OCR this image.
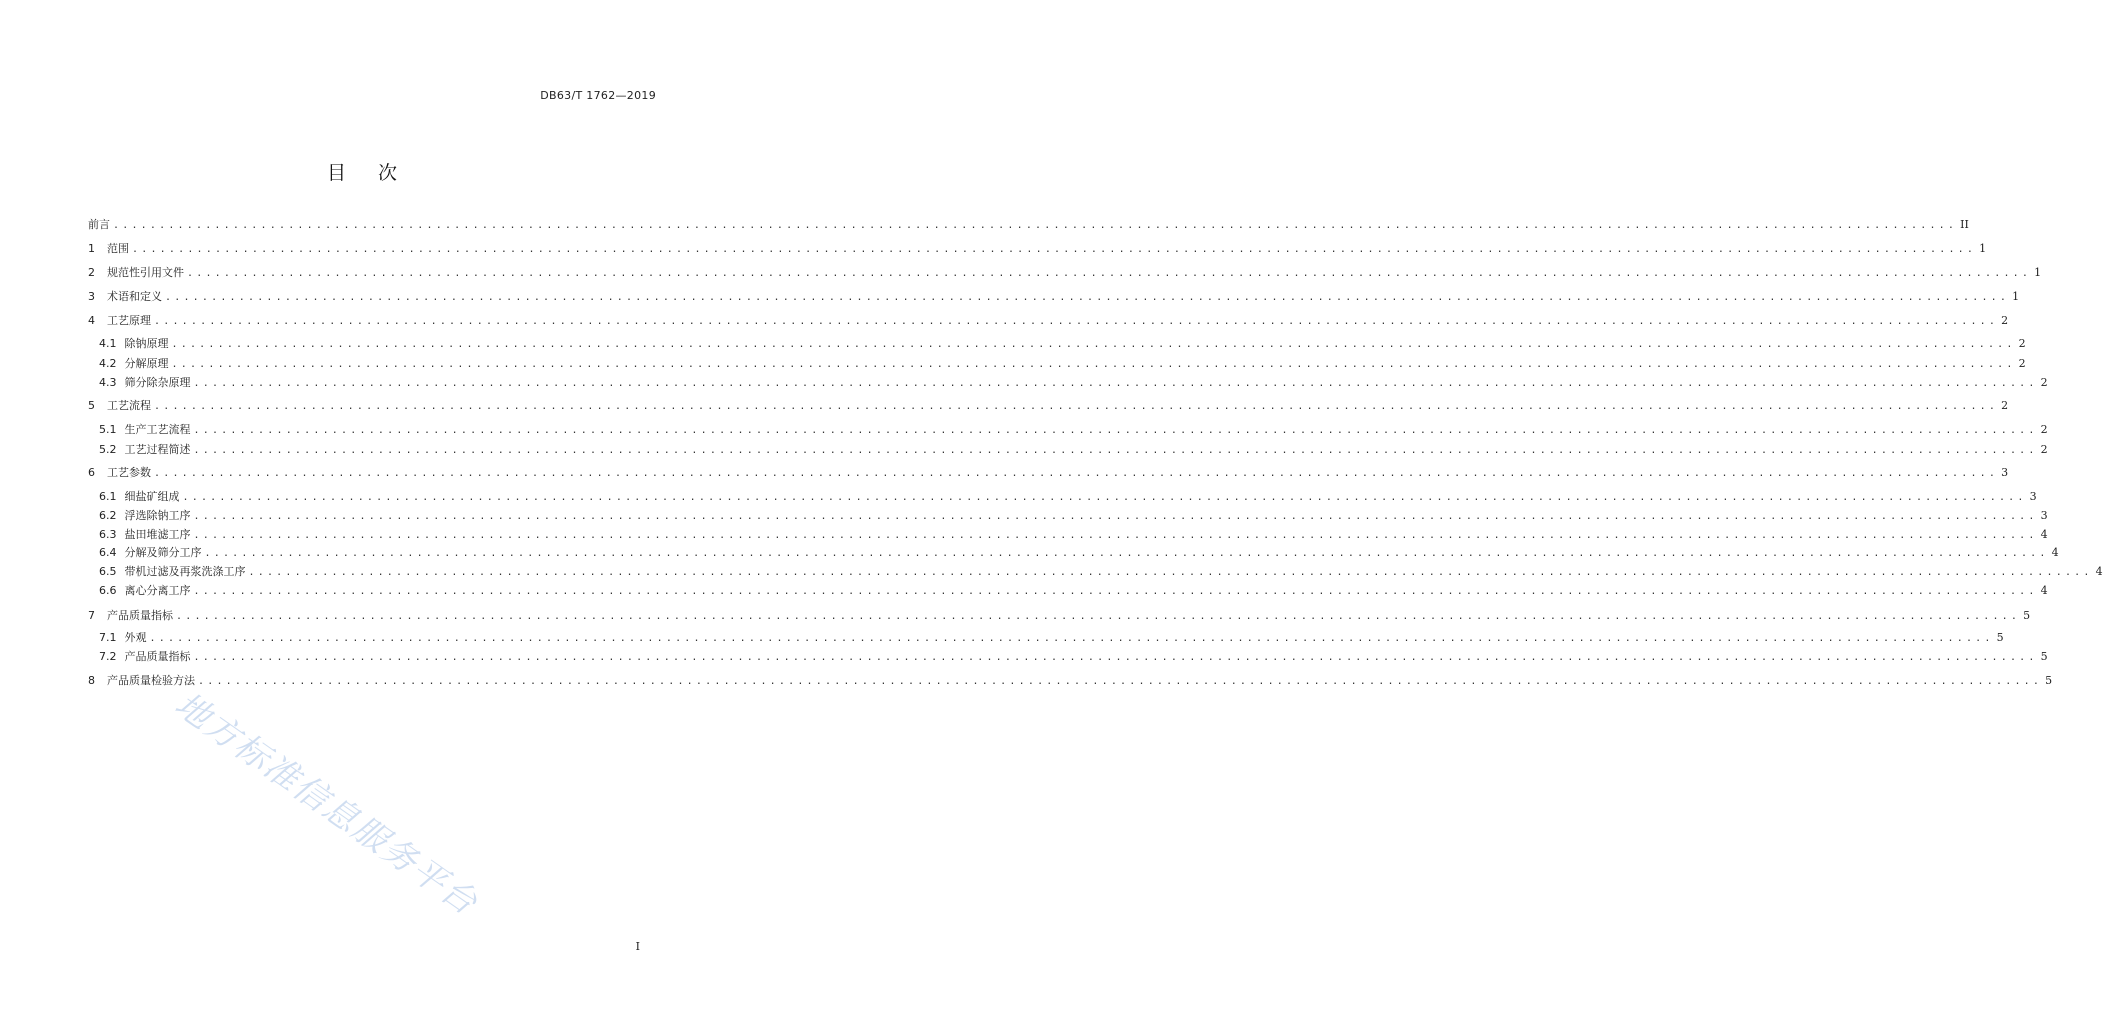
DB63/T 1762—2019
目次
前言 ........................................................................................................................................................................................................ II
1 范围 ........................................................................................................................................................................................................ 1
2 规范性引用文件 ........................................................................................................................................................................................................ 1
3 术语和定义 ........................................................................................................................................................................................................ 1
4 工艺原理 ........................................................................................................................................................................................................ 2
4.1 除钠原理 ........................................................................................................................................................................................................ 2
4.2 分解原理 ........................................................................................................................................................................................................ 2
4.3 筛分除杂原理 ........................................................................................................................................................................................................ 2
5 工艺流程 ........................................................................................................................................................................................................ 2
5.1 生产工艺流程 ........................................................................................................................................................................................................ 2
5.2 工艺过程简述 ........................................................................................................................................................................................................ 2
6 工艺参数 ........................................................................................................................................................................................................ 3
6.1 细盐矿组成 ........................................................................................................................................................................................................ 3
6.2 浮选除钠工序 ........................................................................................................................................................................................................ 3
6.3 盐田堆滤工序 ........................................................................................................................................................................................................ 4
6.4 分解及筛分工序 ........................................................................................................................................................................................................ 4
6.5 带机过滤及再浆洗涤工序 ........................................................................................................................................................................................................ 4
6.6 离心分离工序 ........................................................................................................................................................................................................ 4
7 产品质量指标 ........................................................................................................................................................................................................ 5
7.1 外观 ........................................................................................................................................................................................................ 5
7.2 产品质量指标 ........................................................................................................................................................................................................ 5
8 产品质量检验方法 ........................................................................................................................................................................................................ 5
地方标准信息服务平台
I
